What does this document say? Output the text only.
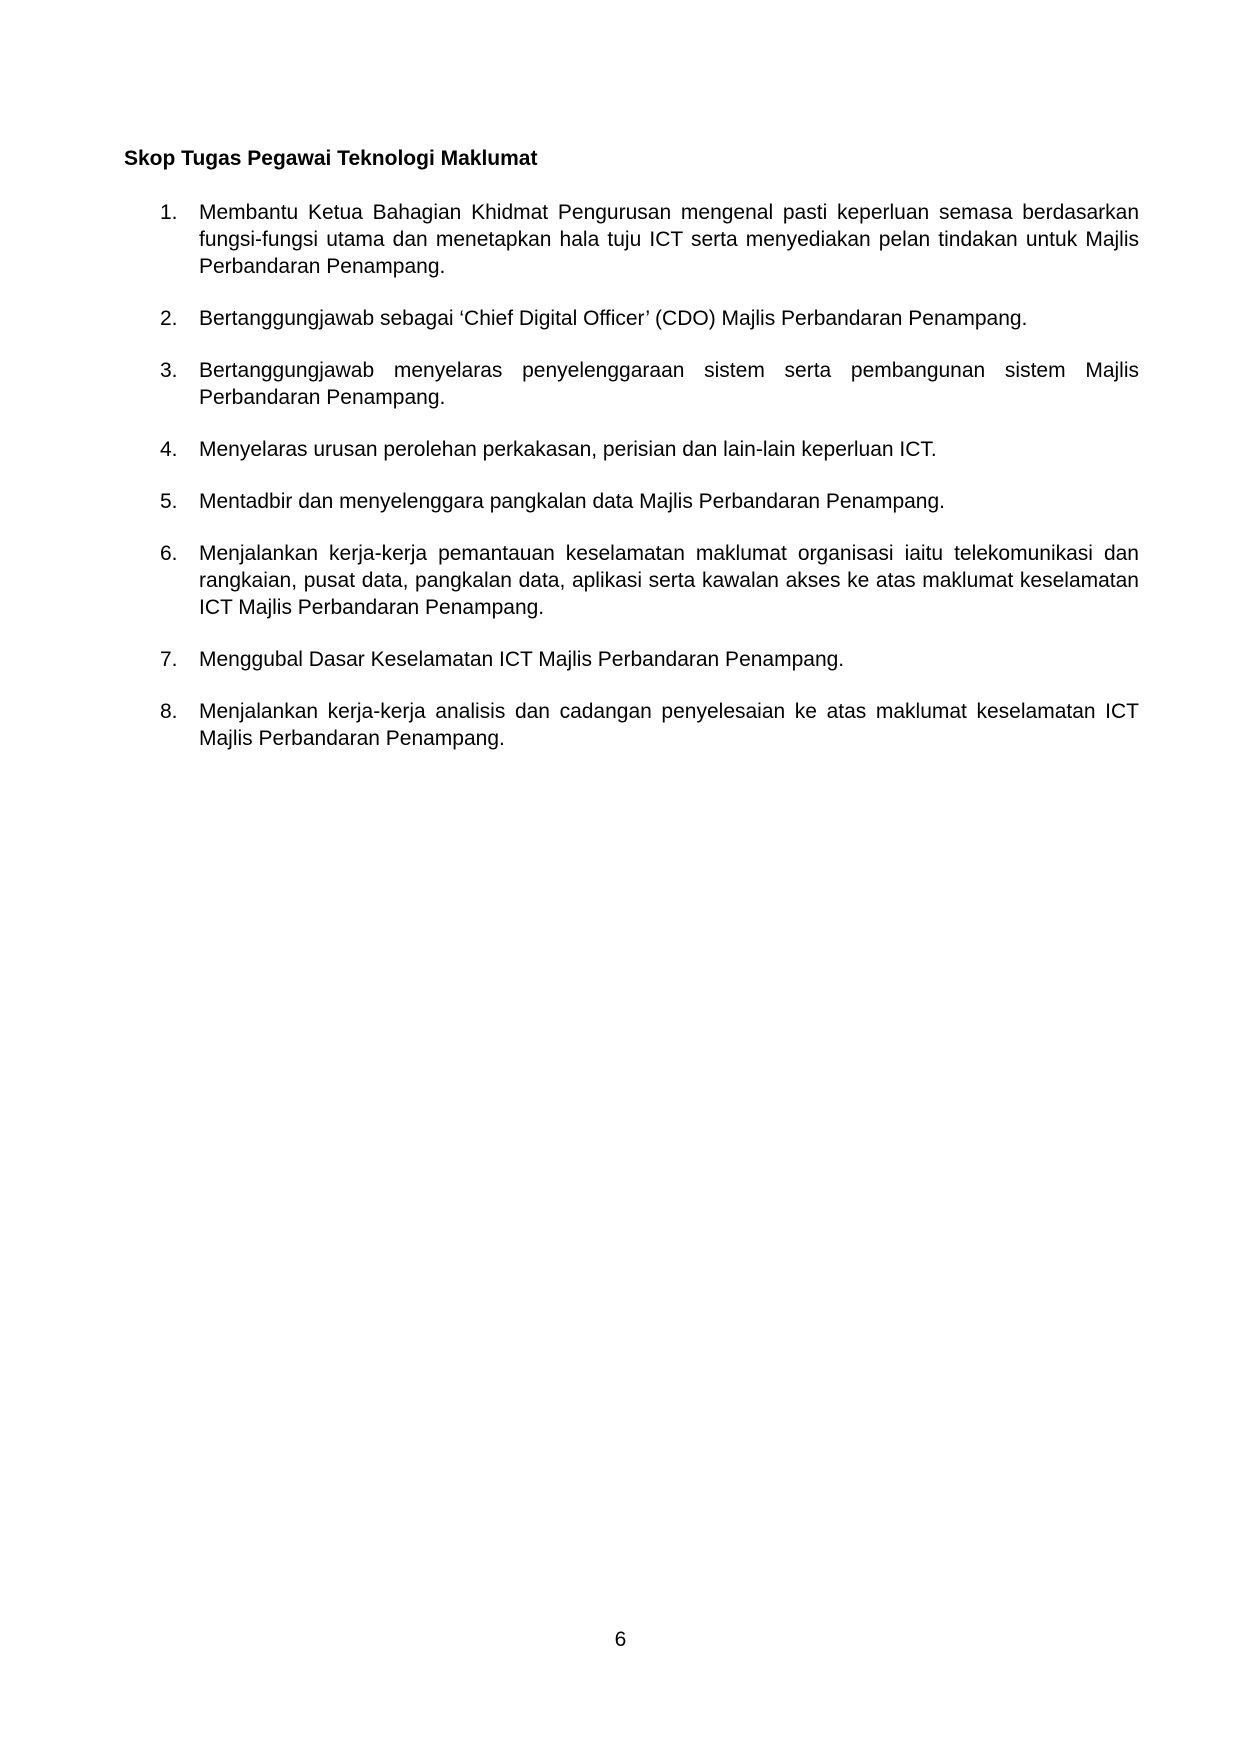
Skop Tugas Pegawai Teknologi Maklumat
1. Membantu Ketua Bahagian Khidmat Pengurusan mengenal pasti keperluan semasa berdasarkan fungsi-fungsi utama dan menetapkan hala tuju ICT serta menyediakan pelan tindakan untuk Majlis Perbandaran Penampang.
2. Bertanggungjawab sebagai ‘Chief Digital Officer’ (CDO) Majlis Perbandaran Penampang.
3. Bertanggungjawab menyelaras penyelenggaraan sistem serta pembangunan sistem Majlis Perbandaran Penampang.
4. Menyelaras urusan perolehan perkakasan, perisian dan lain-lain keperluan ICT.
5. Mentadbir dan menyelenggara pangkalan data Majlis Perbandaran Penampang.
6. Menjalankan kerja-kerja pemantauan keselamatan maklumat organisasi iaitu telekomunikasi dan rangkaian, pusat data, pangkalan data, aplikasi serta kawalan akses ke atas maklumat keselamatan ICT Majlis Perbandaran Penampang.
7. Menggubal Dasar Keselamatan ICT Majlis Perbandaran Penampang.
8. Menjalankan kerja-kerja analisis dan cadangan penyelesaian ke atas maklumat keselamatan ICT Majlis Perbandaran Penampang.
6
